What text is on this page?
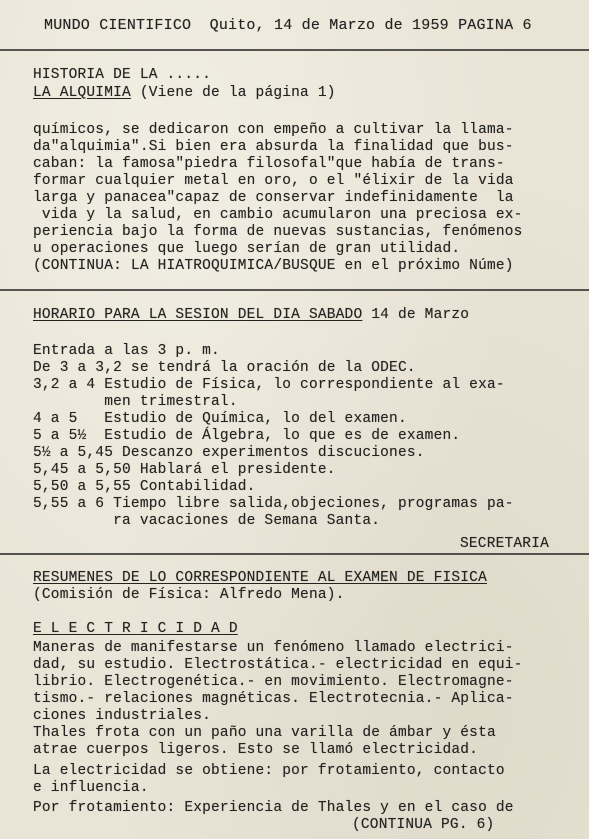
MUNDO CIENTIFICO  Quito, 14 de Marzo de 1959 PAGINA 6
HISTORIA DE LA .....
LA ALQUIMIA (Viene de la página 1)
químicos, se dedicaron con empeño a cultivar la llama-
da"alquimia".Si bien era absurda la finalidad que bus-
caban: la famosa"piedra filosofal"que había de trans-
formar cualquier metal en oro, o el "élixir de la vida
larga y panacea"capaz de conservar indefinidamente  la
vida y la salud, en cambio acumularon una preciosa ex-
periencia bajo la forma de nuevas sustancias, fenómenos
u operaciones que luego serían de gran utilidad.
(CONTINUA: LA HIATROQUIMICA/BUSQUE en el próximo Núme)
HORARIO PARA LA SESION DEL DIA SABADO 14 de Marzo
Entrada a las 3 p. m.
De 3 a 3,2 se tendrá la oración de la ODEC.
3,2 a 4 Estudio de Física, lo correspondiente al exa-
men trimestral.
4 a 5   Estudio de Química, lo del examen.
5 a 5½  Estudio de Álgebra, lo que es de examen.
5½ a 5,45 Descanzo experimentos discuciones.
5,45 a 5,50 Hablará el presidente.
5,50 a 5,55 Contabilidad.
5,55 a 6 Tiempo libre salida,objeciones, programas pa-
ra vacaciones de Semana Santa.
SECRETARIA
RESUMENES DE LO CORRESPONDIENTE AL EXAMEN DE FISICA
(Comisión de Física: Alfredo Mena).
E L E C T R I C I D A D
Maneras de manifestarse un fenómeno llamado electrici-
dad, su estudio. Electrostática.- electricidad en equi-
librio. Electrogenética.- en movimiento. Electromagne-
tismo.- relaciones magnéticas. Electrotecnia.- Aplica-
ciones industriales.
Thales frota con un paño una varilla de ámbar y ésta
atrae cuerpos ligeros. Esto se llamó electricidad.
La electricidad se obtiene: por frotamiento, contacto
e influencia.
Por frotamiento: Experiencia de Thales y en el caso de
(CONTINUA PG. 6)
